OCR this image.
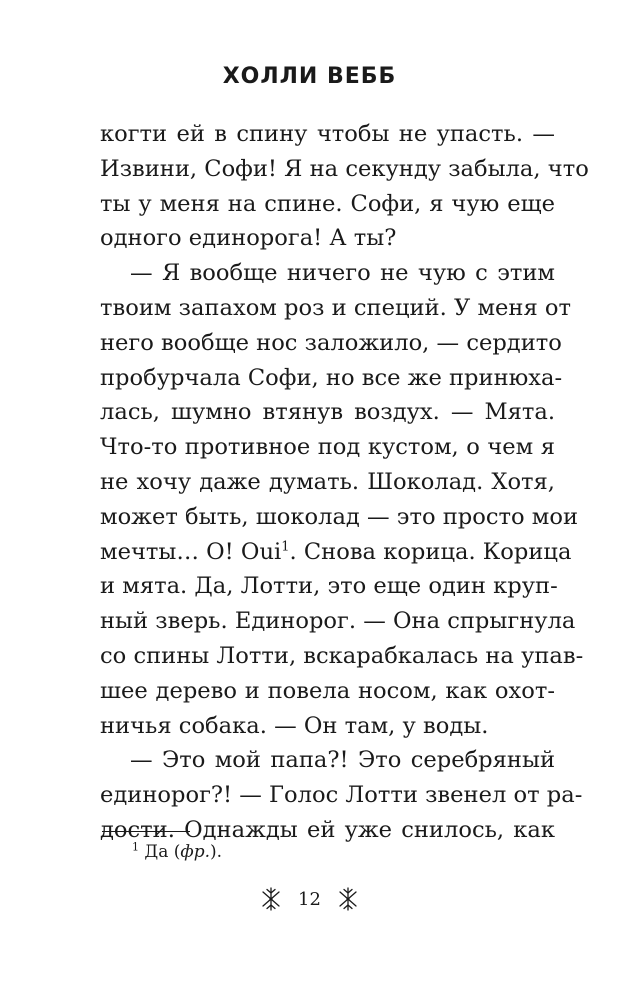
ХОЛЛИ ВЕББ
когти ей в спину чтобы не упасть. —
Извини, Софи! Я на секунду забыла, что
ты у меня на спине. Софи, я чую еще
одного единорога! А ты?
— Я вообще ничего не чую с этим
твоим запахом роз и специй. У меня от
него вообще нос заложило, — сердито
пробурчала Софи, но все же принюха-
лась, шумно втянув воздух. — Мята.
Что-то противное под кустом, о чем я
не хочу даже думать. Шоколад. Хотя,
может быть, шоколад — это просто мои
мечты… О! Oui$^1$. Снова корица. Корица
и мята. Да, Лотти, это еще один круп-
ный зверь. Единорог. — Она спрыгнула
со спины Лотти, вскарабкалась на упав-
шее дерево и повела носом, как охот-
ничья собака. — Он там, у воды.
— Это мой папа?! Это серебряный
единорог?! — Голос Лотти звенел от ра-
дости. Однажды ей уже снилось, как
$^1$ Да (фр.).
12
